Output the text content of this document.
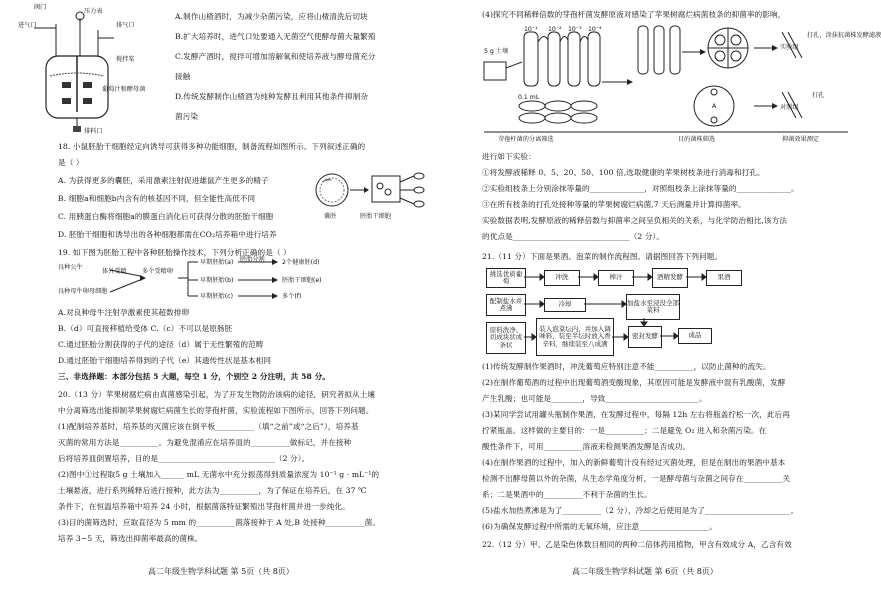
阀门
压力表
进气口	排气口
搅拌桨
葡萄汁和酵母菌
排料口
A.制作山楂酒时，为减少杂菌污染，应将山楂清洗后切块
B.扩大培养时，进气口处要通入无菌空气使酵母菌大量繁殖
C.发酵产酒时，搅拌可增加溶解氧和使培养液与酵母菌充分
接触
D.传统发酵制作山楂酒为纯种发酵且利用其他条件抑制杂
菌污染
18. 小鼠胚胎干细胞经定向诱导可获得多种功能细胞，制备流程如图所示。下列叙述正确的
是（ ）
A. 为获得更多的囊胚，采用激素注射促进雄鼠产生更多的精子
B. 细胞a和细胞b内含有的核基因不同，但全能性高低不同
C. 用胰蛋白酶将细胞a的膜蛋白消化后可获得分散的胚胎干细胞
D. 胚胎干细胞和诱导出的各种细胞都需在CO₂培养箱中进行培养
囊胚	胚胎干细胞
19. 如下图为胚胎工程中各种胚胎操作技术，下列分析正确的是（ ）
良种公牛
良种母牛卵母细胞
体外受精 多个受精卵
早期胚胎(a)
早期胚胎(b)
早期胚胎(c)
胚胎分割	2个健康胚(d)
胚胎干细胞(e)
多个(f)
A.对良种母牛注射孕激素使其超数排卵
B.（d）可直接移植给受体 C.（c）不可以是原肠胚
C.通过胚胎分割获得的子代的途径（d）属于无性繁殖的范畴
D.通过胚胎干细胞培养得到的子代（e）其遗传性状是基本相同
三、非选择题：本部分包括 5 大题，每空 1 分，个别空 2 分注明，共 58 分。
20.（13 分）苹果树腐烂病由真菌感染引起，为了开发生物防治该病的途径，研究者拟从土壤
中分离筛选出能抑制苹果树腐烂病菌生长的芽孢杆菌，实验流程如下图所示，回答下列问题。
(1)配制培养基时，培养基的灭菌应该在倒平板__________（填“之前”或“之后”），培养基
灭菌的常用方法是__________。为避免混淆应在培养皿的__________做标记，并在接种
后将培养皿倒置培养，目的是______________________________（2 分）。
(2)图中①过程取5 g 土壤加入______ mL 无菌水中充分振荡得到质量浓度为 10⁻¹ g · mL⁻¹的
土壤悬液，进行系列稀释后进行接种，此方法为__________，为了保证在培养后，在 37 ℃
条件下，在恒温培养箱中培养 24 小时，根据菌落特征繁殖出芽孢杆菌并进一步纯化。
(3)目的菌筛选时，应取直径为 5 mm 的__________菌落接种于 A 处,B 处接种__________菌。
培养 3~5 天，筛选出抑菌率最高的菌株。
高二年级生物学科试题 第 5页（共 8页）
(4)探究不同稀释倍数的芽孢杆菌发酵原液对感染了苹果树腐烂病菌枝条的抑菌率的影响，
5 g 土壤
10⁻¹ 10⁻² 10⁻³ 10⁻⁴
0.1 mL
A
实验组
对照组
打孔，涂抹抗菌株发酵滤液
打孔
芽孢杆菌的分离筛选	目的菌株筛选	抑菌效果测定
进行如下实验：
①将发酵液稀释 0、5、20、50、100 倍,选取健康的苹果树枝条进行消毒和打孔。
②实验组枝条上分别涂抹等量的______________，对照组枝条上涂抹等量的______________。
③在所有枝条的打孔处接种等量的苹果树腐烂病菌,7 天后测量并计算抑菌率。
实验数据表明,发酵原液的稀释倍数与抑菌率之间呈负相关的关系，与化学防治相比,该方法
的优点是______________________________（2 分）。
21.（11 分）下面是果酒、泡菜的制作流程图。请据图回答下列问题。
挑选优质葡萄	冲洗	榨汁	酒精发酵	果酒
配制盐水并煮沸	冷却	加盐水至浸没全部菜料
原料洗净、切成块状或条状
装入泡菜坛内，并加入调味料，装至半坛时放入香辛料，继续装至八成满
密封发酵	成品
(1)传统发酵制作果酒时，冲洗葡萄应特别注意不能__________，以防止菌种的流失。
(2)在制作葡萄酒的过程中出现葡萄酒变酸现象，其原因可能是发酵液中混有乳酸菌，发酵
产生乳酸；也可能是________，导致________________________。
(3)某同学尝试用罐头瓶制作果酒，在发酵过程中，每隔 12h 左右将瓶盖拧松一次，此后再
拧紧瓶盖。这样做的主要目的：一是__________；二是避免 O₂ 进入和杂菌污染。在
酸性条件下，可用__________溶液来检测果酒发酵是否成功。
(4)在制作果酒的过程中，加入的新鲜葡萄汁没有经过灭菌处理，但是在制出的果酒中基本
检测不出酵母菌以外的杂菌，从生态学角度分析，一是酵母菌与杂菌之间存在__________关
系；二是果酒中的__________不利于杂菌的生长。
(5)盐水加热煮沸是为了__________（2 分），冷却之后使用是为了______________________。
(6)为确保发酵过程中所需的无氧环境，应注意__________________。
22.（12 分）甲、乙是染色体数目相同的两种二倍体药用植物，甲含有效成分 A，乙含有效
高二年级生物学科试题 第 6页（共 8页）
